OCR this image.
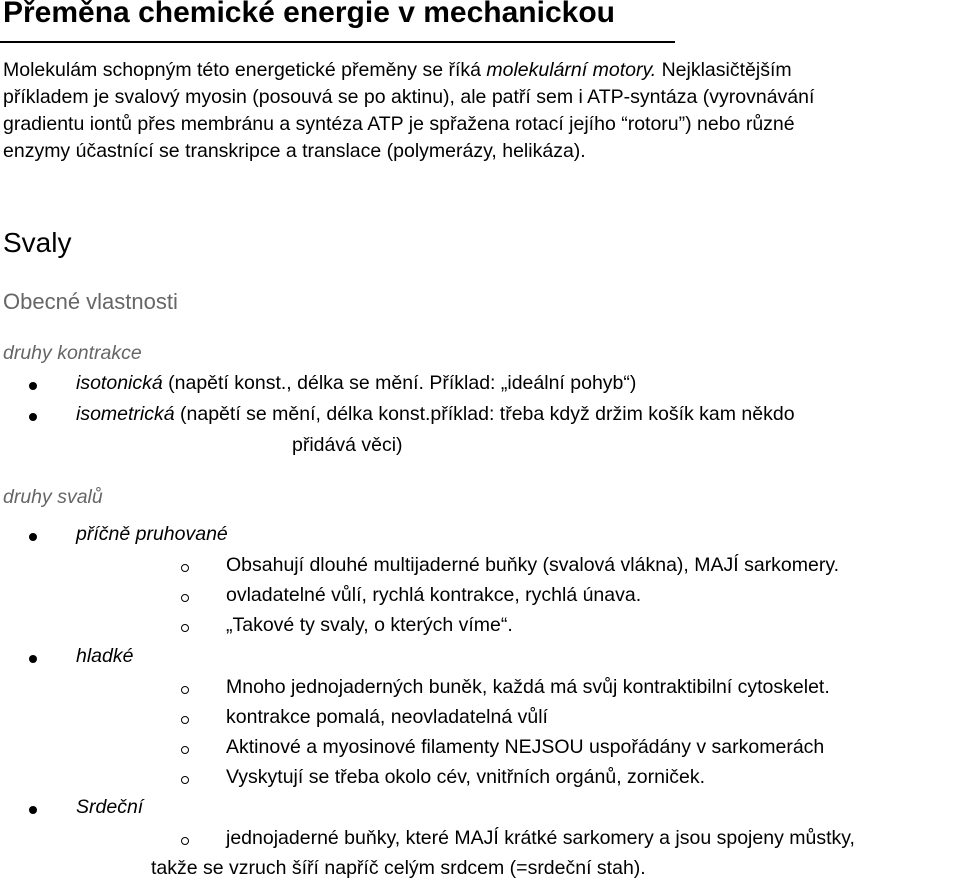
Přeměna chemické energie v mechanickou
Molekulám schopným této energetické přeměny se říká molekulární motory. Nejklasičtějším
příkladem je svalový myosin (posouvá se po aktinu), ale patří sem i ATP-syntáza (vyrovnávání
gradientu iontů přes membránu a syntéza ATP je spřažena rotací jejího “rotoru”) nebo různé
enzymy účastnící se transkripce a translace (polymerázy, helikáza).
Svaly
Obecné vlastnosti
druhy kontrakce
isotonická (napětí konst., délka se mění. Příklad: „ideální pohyb“)
isometrická (napětí se mění, délka konst.příklad: třeba když držim košík kam někdo
přidává věci)
druhy svalů
příčně pruhované
Obsahují dlouhé multijaderné buňky (svalová vlákna), MAJÍ sarkomery.
ovladatelné vůlí, rychlá kontrakce, rychlá únava.
„Takové ty svaly, o kterých víme“.
hladké
Mnoho jednojaderných buněk, každá má svůj kontraktibilní cytoskelet.
kontrakce pomalá, neovladatelná vůlí
Aktinové a myosinové filamenty NEJSOU uspořádány v sarkomerách
Vyskytují se třeba okolo cév, vnitřních orgánů, zorniček.
Srdeční
jednojaderné buňky, které MAJÍ krátké sarkomery a jsou spojeny můstky,
takže se vzruch šíří napříč celým srdcem (=srdeční stah).
